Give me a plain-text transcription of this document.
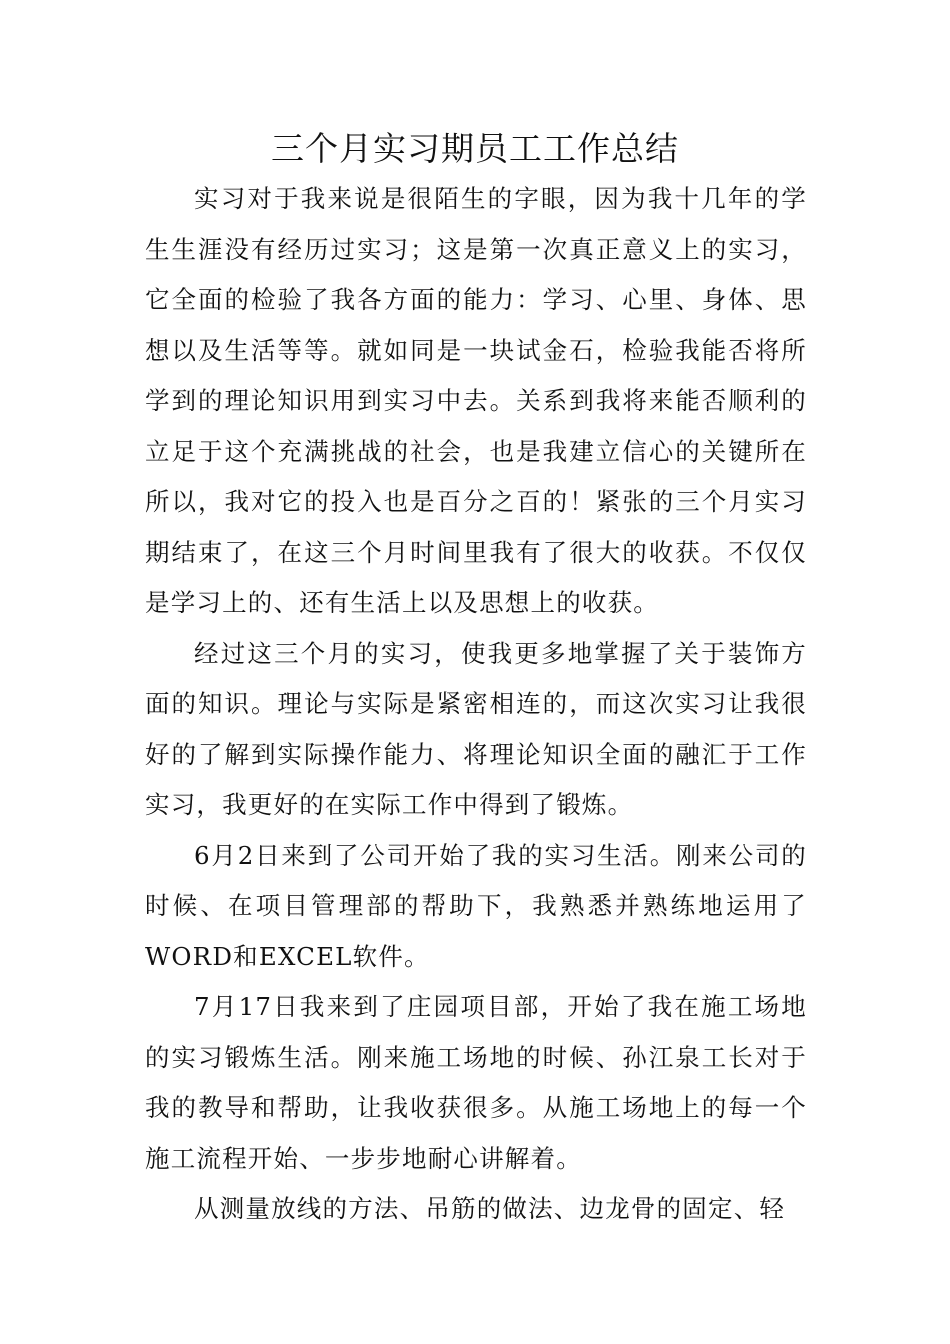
三个月实习期员工工作总结

实习对于我来说是很陌生的字眼，因为我十几年的学生生涯没有经历过实习；这是第一次真正意义上的实习，它全面的检验了我各方面的能力：学习、心里、身体、思想以及生活等等。就如同是一块试金石，检验我能否将所学到的理论知识用到实习中去。关系到我将来能否顺利的立足于这个充满挑战的社会，也是我建立信心的关键所在所以，我对它的投入也是百分之百的！紧张的三个月实习期结束了，在这三个月时间里我有了很大的收获。不仅仅是学习上的、还有生活上以及思想上的收获。

经过这三个月的实习，使我更多地掌握了关于装饰方面的知识。理论与实际是紧密相连的，而这次实习让我很好的了解到实际操作能力、将理论知识全面的融汇于工作实习，我更好的在实际工作中得到了锻炼。

6月2日来到了公司开始了我的实习生活。刚来公司的时候、在项目管理部的帮助下，我熟悉并熟练地运用了WORD和EXCEL软件。

7月17日我来到了庄园项目部，开始了我在施工场地的实习锻炼生活。刚来施工场地的时候、孙江泉工长对于我的教导和帮助，让我收获很多。从施工场地上的每一个施工流程开始、一步步地耐心讲解着。

从测量放线的方法、吊筋的做法、边龙骨的固定、轻
